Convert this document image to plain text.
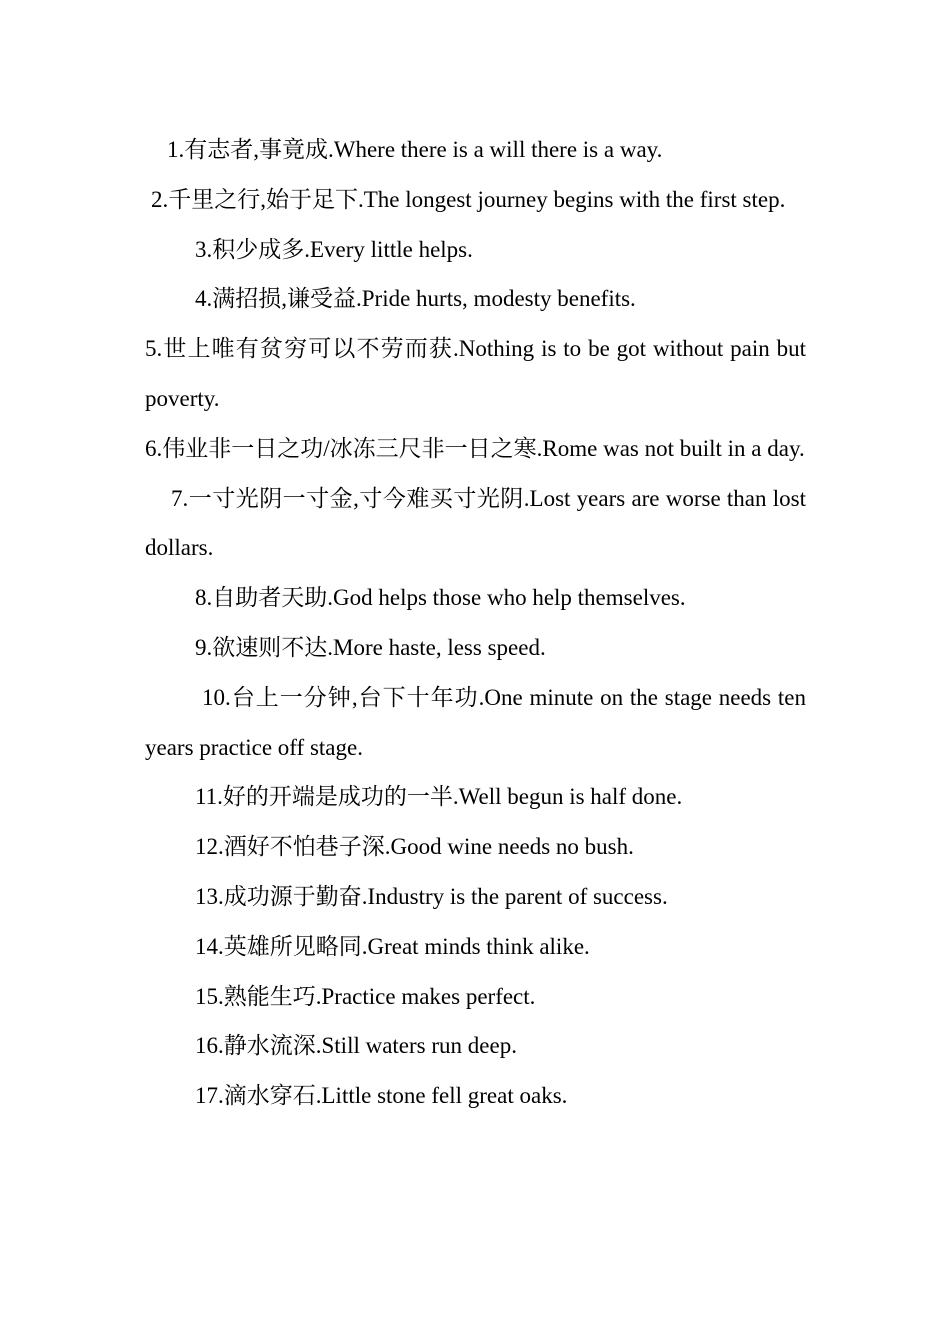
1.有志者,事竟成.Where there is a will there is a way.

2.千里之行,始于足下.The longest journey begins with the first step.

3.积少成多.Every little helps.

4.满招损,谦受益.Pride hurts, modesty benefits.

5.世上唯有贫穷可以不劳而获.Nothing is to be got without pain but poverty.

6.伟业非一日之功/冰冻三尺非一日之寒.Rome was not built in a day.

7.一寸光阴一寸金,寸今难买寸光阴.Lost years are worse than lost dollars.

8.自助者天助.God helps those who help themselves.

9.欲速则不达.More haste, less speed.

10.台上一分钟,台下十年功.One minute on the stage needs ten years practice off stage.

11.好的开端是成功的一半.Well begun is half done.

12.酒好不怕巷子深.Good wine needs no bush.

13.成功源于勤奋.Industry is the parent of success.

14.英雄所见略同.Great minds think alike.

15.熟能生巧.Practice makes perfect.

16.静水流深.Still waters run deep.

17.滴水穿石.Little stone fell great oaks.
